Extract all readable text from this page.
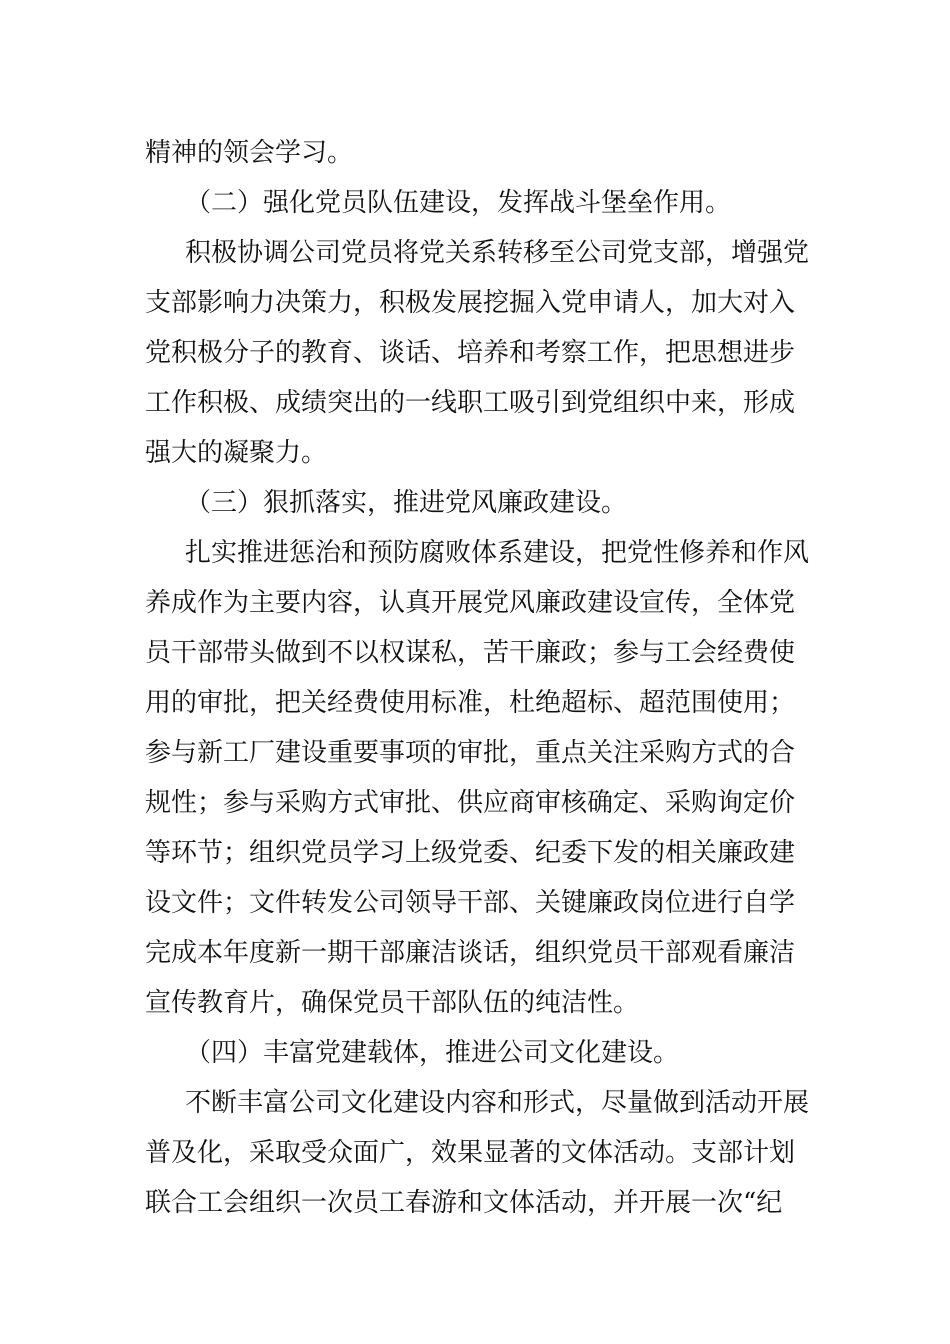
精神的领会学习。
（二）强化党员队伍建设，发挥战斗堡垒作用。
积极协调公司党员将党关系转移至公司党支部，增强党
支部影响力决策力，积极发展挖掘入党申请人，加大对入
党积极分子的教育、谈话、培养和考察工作，把思想进步
工作积极、成绩突出的一线职工吸引到党组织中来，形成
强大的凝聚力。
（三）狠抓落实，推进党风廉政建设。
扎实推进惩治和预防腐败体系建设，把党性修养和作风
养成作为主要内容，认真开展党风廉政建设宣传，全体党
员干部带头做到不以权谋私，苦干廉政；参与工会经费使
用的审批，把关经费使用标准，杜绝超标、超范围使用；
参与新工厂建设重要事项的审批，重点关注采购方式的合
规性；参与采购方式审批、供应商审核确定、采购询定价
等环节；组织党员学习上级党委、纪委下发的相关廉政建
设文件；文件转发公司领导干部、关键廉政岗位进行自学
完成本年度新一期干部廉洁谈话，组织党员干部观看廉洁
宣传教育片，确保党员干部队伍的纯洁性。
（四）丰富党建载体，推进公司文化建设。
不断丰富公司文化建设内容和形式，尽量做到活动开展
普及化，采取受众面广，效果显著的文体活动。支部计划
联合工会组织一次员工春游和文体活动，并开展一次“纪
